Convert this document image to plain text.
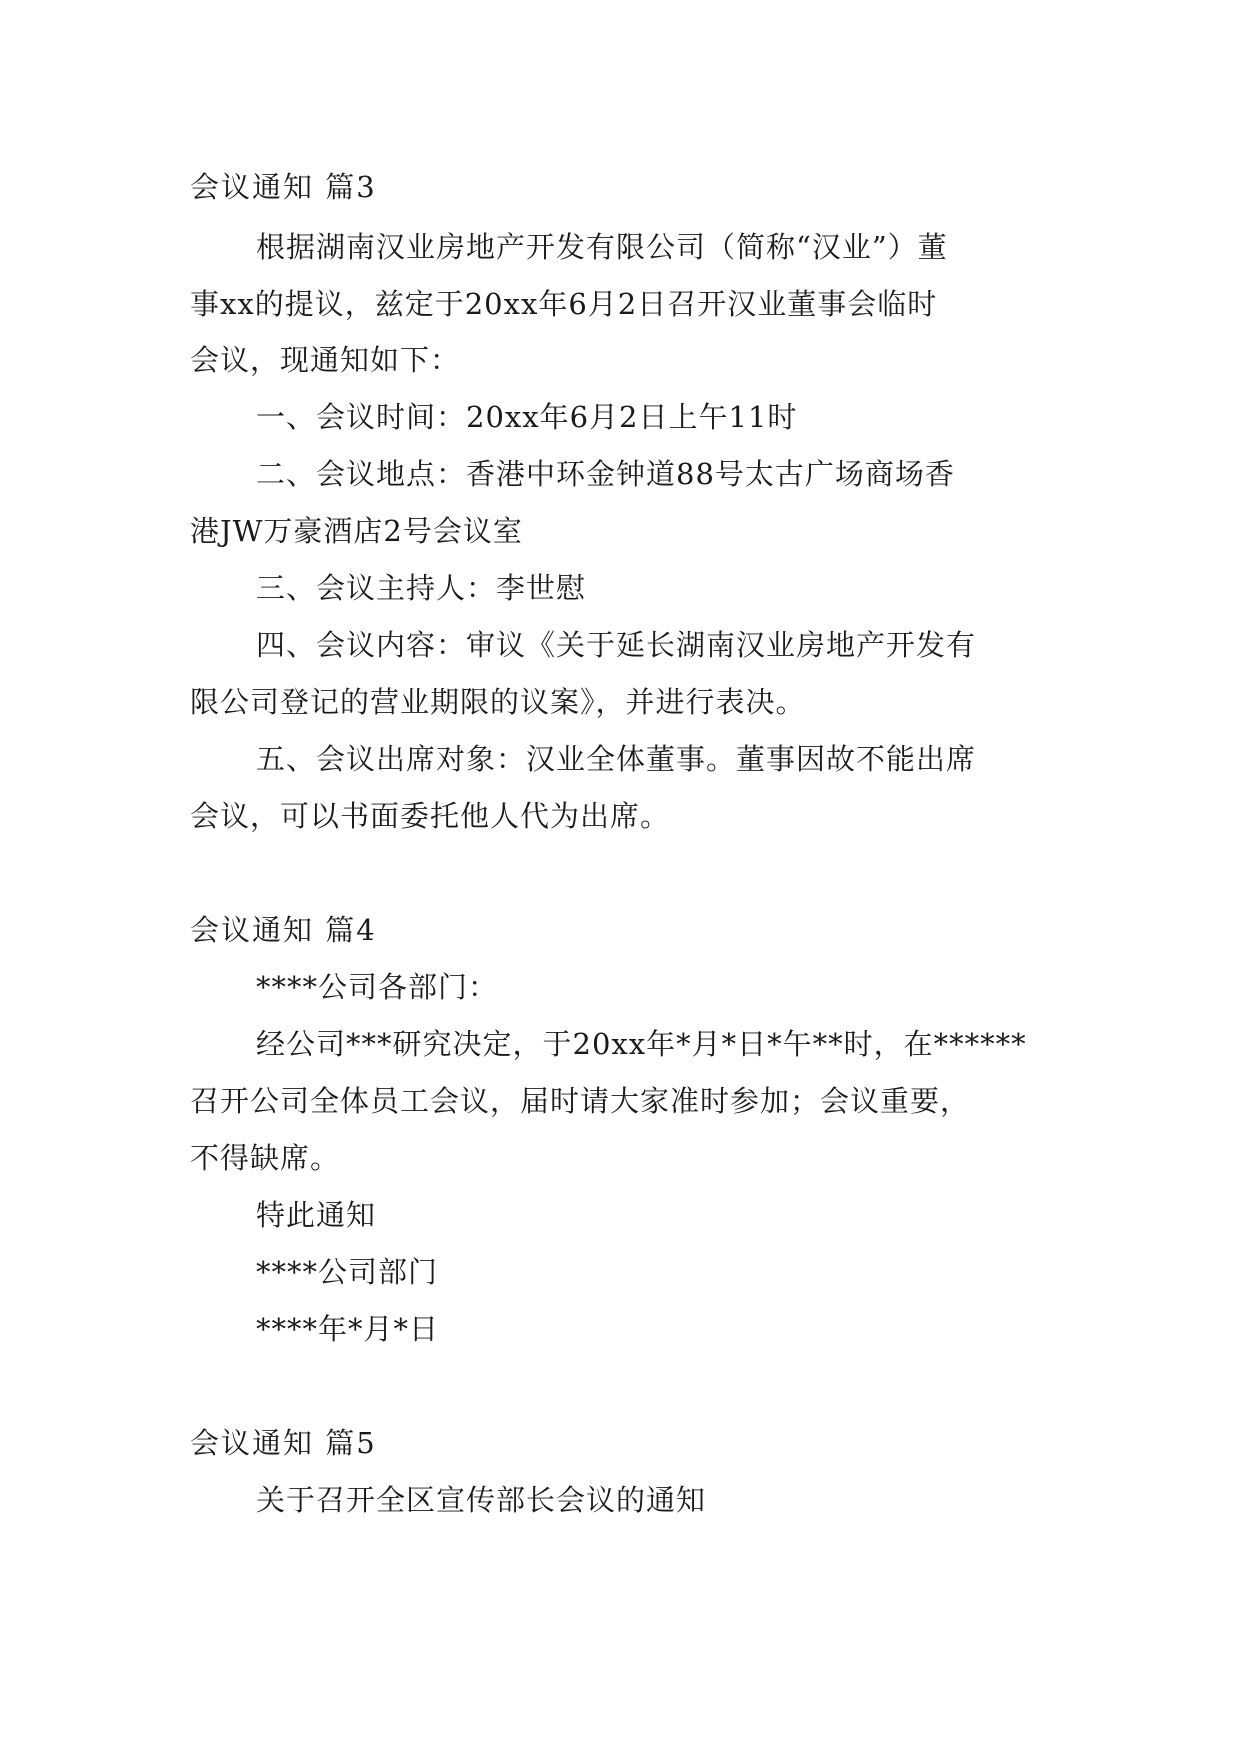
会议通知 篇3
根据湖南汉业房地产开发有限公司（简称“汉业”）董
事xx的提议，兹定于20xx年6月2日召开汉业董事会临时
会议，现通知如下：
一、会议时间：20xx年6月2日上午11时
二、会议地点：香港中环金钟道88号太古广场商场香
港JW万豪酒店2号会议室
三、会议主持人：李世慰
四、会议内容：审议《关于延长湖南汉业房地产开发有
限公司登记的营业期限的议案》，并进行表决。
五、会议出席对象：汉业全体董事。董事因故不能出席
会议，可以书面委托他人代为出席。
会议通知 篇4
****公司各部门：
经公司***研究决定，于20xx年*月*日*午**时，在******
召开公司全体员工会议，届时请大家准时参加；会议重要，
不得缺席。
特此通知
****公司部门
****年*月*日
会议通知 篇5
关于召开全区宣传部长会议的通知
